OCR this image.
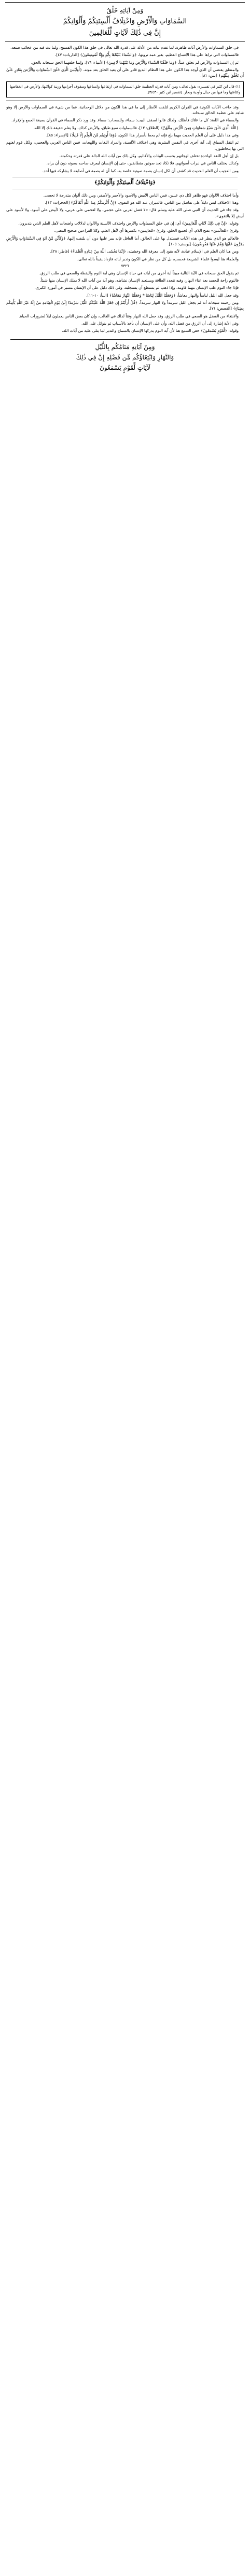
وَمِنْ آيَاتِهِ خَلْقُ
السَّمَاوَاتِ وَالْأَرْضِ وَاخْتِلَافُ أَلْسِنَتِكُمْ وَأَلْوَانِكُمْ
إِنَّ فِي ذَٰلِكَ لَآيَاتٍ لِّلْعَالِمِينَ

في خلق السماوات والأرض آيات ظاهرة، لما تقدم بيانه من الأدلة على قدرة الله تعالى في خلق هذا الكون الفسيح، ولما بث فيه من عجائب صنعه.

فالسماوات التي نراها على هذا الاتساع العظيم، بغير عمد ترونها، ﴿وَالسَّمَاءَ بَنَيْنَاهَا بِأَيْدٍ وَإِنَّا لَمُوسِعُونَ﴾ [الذاريات: ٤٧].

ثم إن السماوات والأرض لم تخلق عبثاً، ﴿وَمَا خَلَقْنَا السَّمَاءَ وَالْأَرْضَ وَمَا بَيْنَهُمَا لَاعِبِينَ﴾ [الأنبياء: ١٦]، وإنما خلقهما الحق سبحانه بالحق.

والمنطق يقتضي أن الذي أوجد هذا الكون على هذا النظام البديع قادر على أن يعيد الخلق بعد موته، ﴿أَوَلَيْسَ الَّذِي خَلَقَ السَّمَاوَاتِ وَالْأَرْضَ بِقَادِرٍ عَلَىٰ أَن يَخْلُقَ مِثْلَهُم﴾ [يس: ٨١].

(١) قال ابن كثير في تفسيره: يقول تعالى: ومن آيات قدرته العظيمة خلق السماوات في ارتفاعها واتساعها وسقوف أجرامها وزينة كواكبها، والأرض في انخفاضها وكثافتها وما فيها من جبال وأودية وبحار. [تفسير ابن كثير ٣/٤٣٠].

وقد جاءت الآيات الكونية في القرآن الكريم لتلفت الأنظار إلى ما في هذا الكون من دلائل الوحدانية، فما من شيء في السماوات والأرض إلا وهو شاهد على عظمة الخالق سبحانه.

والسماء في اللغة: كل ما علاك فأظلك، ولذلك قالوا لسقف البيت: سماء، وللسحاب: سماء. وقد ورد ذكر السماء في القرآن بصيغة الجمع والإفراد.

﴿اللَّهُ الَّذِي خَلَقَ سَبْعَ سَمَاوَاتٍ وَمِنَ الْأَرْضِ مِثْلَهُنَّ﴾ [الطلاق: ١٢]، فالسماوات سبع طباق، والأرض كذلك، ولا يعلم حقيقة ذلك إلا الله.

وفي هذا دليل على أن العلم الحديث مهما بلغ فإنه لم يحط بأسرار هذا الكون، ﴿وَمَا أُوتِيتُم مِّنَ الْعِلْمِ إِلَّا قَلِيلًا﴾ [الإسراء: ٨٥].

ثم انتقل السياق إلى آية أخرى في النفس البشرية وهي اختلاف الألسنة، والمراد اللغات واللهجات، فمن الناس العربي والعجمي، ولكل قوم لغتهم التي بها يتخاطبون.

بل إن أهل اللغة الواحدة تختلف لهجاتهم بحسب البيئات والأقاليم، وكل ذلك من آيات الله الدالة على قدرته وحكمته.

وكذلك يختلف الناس في نبرات أصواتهم، فلا تكاد تجد صوتين متطابقين، حتى إن الإنسان ليعرف صاحبه بصوته دون أن يراه.

ومن العجيب أن العلم الحديث قد كشف أن لكل إنسان بصمة صوتية خاصة به، كما أن له بصمة في أصابعه لا يشاركه فيها أحد.

﴿وَاخْتِلَافُ أَلْسِنَتِكُمْ وَأَلْوَانِكُمْ﴾

وأما اختلاف الألوان فهو ظاهر لكل ذي عينين، فمن الناس الأبيض والأسود والأحمر والأصفر، وبين ذلك ألوان متدرجة لا تحصى.

وهذا الاختلاف ليس دليلاً على تفاضل بين الناس، فالميزان عند الله هو التقوى، ﴿إِنَّ أَكْرَمَكُمْ عِندَ اللَّهِ أَتْقَاكُمْ﴾ [الحجرات: ١٣].

وقد جاء في الحديث أن النبي صلى الله عليه وسلم قال: «لا فضل لعربي على عجمي، ولا لعجمي على عربي، ولا لأبيض على أسود، ولا لأسود على أبيض إلا بالتقوى».

وقوله: ﴿إِنَّ فِي ذَٰلِكَ لَآيَاتٍ لِّلْعَالِمِينَ﴾ أي: إن في خلق السماوات والأرض واختلاف الألسنة والألوان لدلالات واضحات لأهل العلم الذين يتدبرون.

وقرئ «للعالَمين» بفتح اللام، أي لجميع الخلق، وقرئ «للعالِمين» بكسرها أي لأهل العلم، وكلا القراءتين صحيح المعنى.

فالعالم هو الذي ينظر في هذه الآيات فيستدل بها على الخالق، أما الغافل فإنه يمر عليها دون أن يلتفت إليها، ﴿وَكَأَيِّن مِّنْ آيَةٍ فِي السَّمَاوَاتِ وَالْأَرْضِ يَمُرُّونَ عَلَيْهَا وَهُمْ عَنْهَا مُعْرِضُونَ﴾ [يوسف: ١٠٥].

ومن هنا كان العلم في الإسلام عبادة، لأنه يقود إلى معرفة الله وخشيته، ﴿إِنَّمَا يَخْشَى اللَّهَ مِنْ عِبَادِهِ الْعُلَمَاءُ﴾ [فاطر: ٢٨].

والعلماء هنا ليسوا علماء الشريعة فحسب، بل كل من نظر في الكون وتدبر آياته فازداد يقيناً بالله تعالى.

٧٣٢٦

ثم يقول الحق سبحانه في الآية التالية مبيناً آية أخرى من آياته في حياة الإنسان وهي آية النوم واليقظة والسعي في طلب الرزق.

فالنوم راحة للجسد بعد عناء النهار، وفيه تتجدد الطاقة ويستعيد الإنسان نشاطه، وهو آية من آيات الله لا يملك الإنسان منها شيئاً.

فإذا جاء النوم غلب الإنسان مهما قاومه، وإذا ذهب لم يستطع أن يستجلبه، وفي ذلك دليل على أن الإنسان مسير في أموره الكبرى.

وقد جعل الله الليل لباساً والنهار معاشاً، ﴿وَجَعَلْنَا اللَّيْلَ لِبَاسًا * وَجَعَلْنَا النَّهَارَ مَعَاشًا﴾ [النبأ: ١٠-١١].

ومن رحمته سبحانه أنه لم يجعل الليل سرمداً ولا النهار سرمداً، ﴿قُلْ أَرَأَيْتُمْ إِن جَعَلَ اللَّهُ عَلَيْكُمُ اللَّيْلَ سَرْمَدًا إِلَىٰ يَوْمِ الْقِيَامَةِ مَنْ إِلَٰهٌ غَيْرُ اللَّهِ يَأْتِيكُم بِضِيَاءٍ﴾ [القصص: ٧١].

والابتغاء من الفضل هو السعي في طلب الرزق، وقد جعل الله النهار وقتاً لذلك في الغالب، وإن كان بعض الناس يعملون ليلاً لضرورات الحياة.

وفي الآية إشارة إلى أن الرزق من فضل الله، وأن على الإنسان أن يأخذ بالأسباب ثم يتوكل على الله.

وقوله: ﴿لِّقَوْمٍ يَسْمَعُونَ﴾ خص السمع هنا لأن آية النوم يدركها الإنسان بالسماع والتدبر لما يتلى عليه من آيات الله.

وَمِنْ آيَاتِهِ مَنَامُكُم بِاللَّيْلِ
وَالنَّهَارِ وَابْتِغَاؤُكُم مِّن فَضْلِهِ إِنَّ فِي ذَٰلِكَ
لَآيَاتٍ لِّقَوْمٍ يَسْمَعُونَ
